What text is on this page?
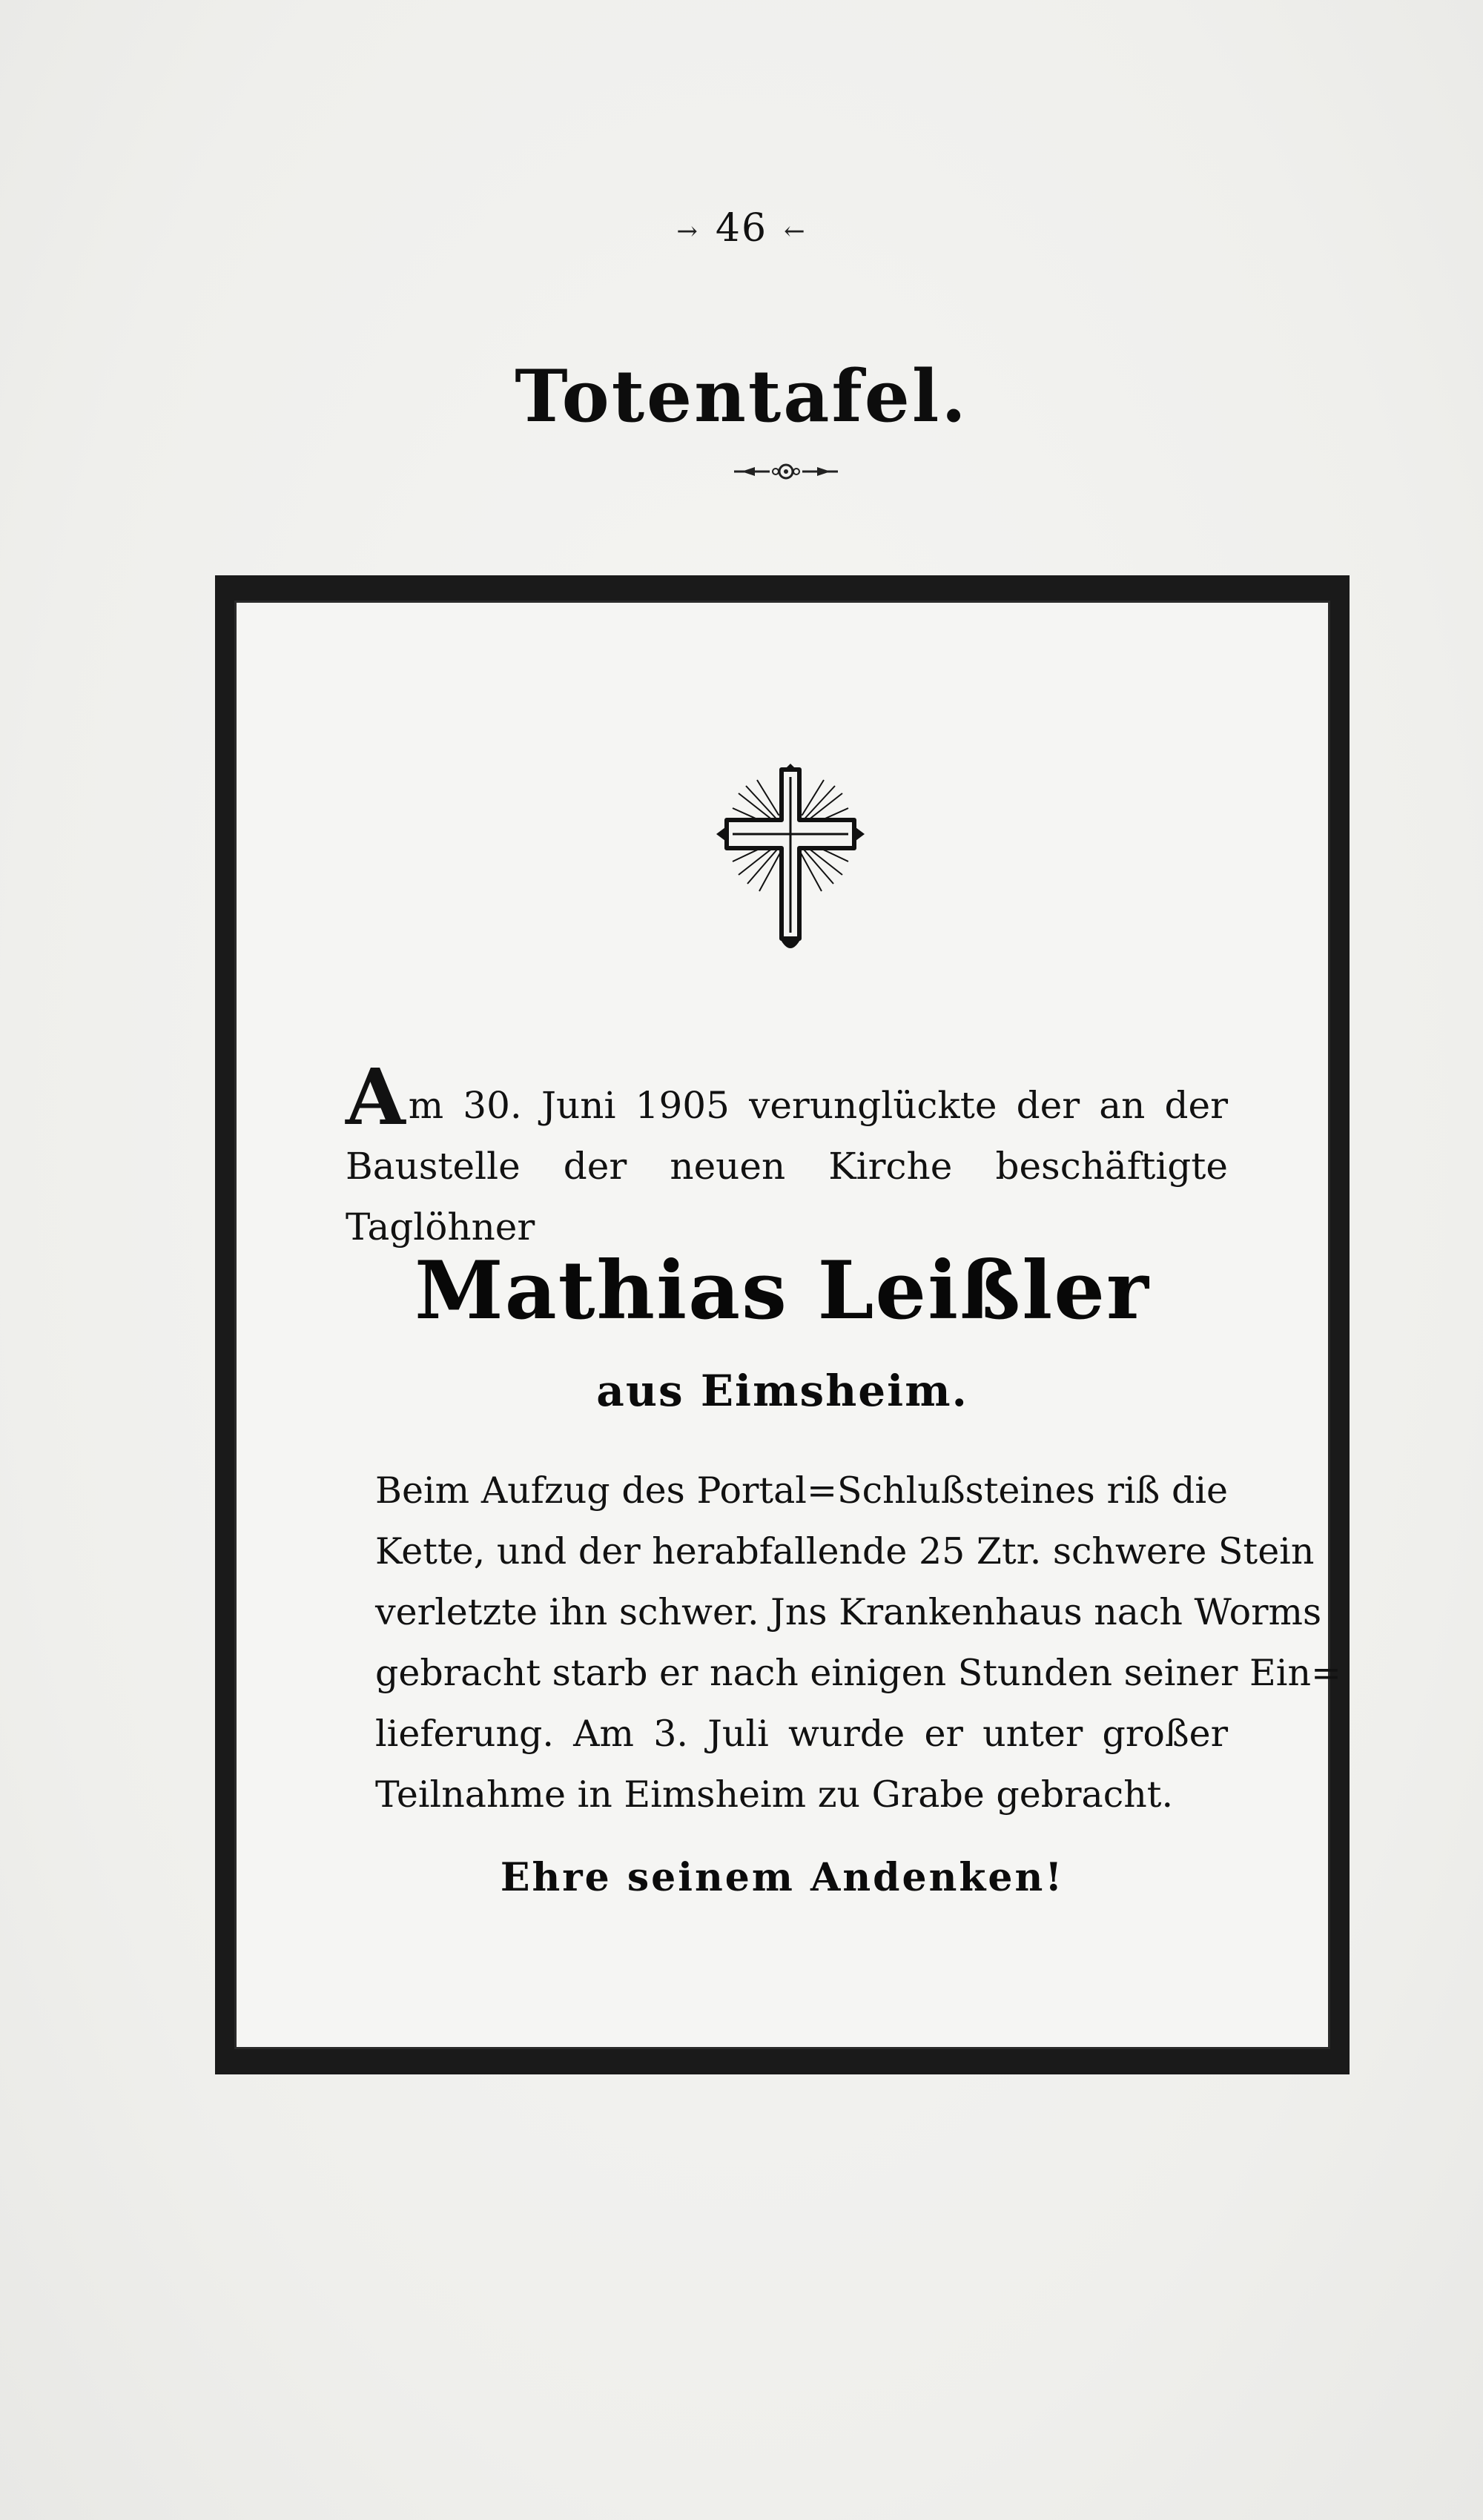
→ 46 ←
Totentafel.
Am 30. Juni 1905 verunglückte der an der
Baustelle der neuen Kirche beschäftigte Taglöhner
Mathias Leißler
aus Eimsheim.
Beim Aufzug des Portal=Schlußsteines riß die
Kette, und der herabfallende 25 Ztr. schwere Stein
verletzte ihn schwer. Jns Krankenhaus nach Worms
gebracht starb er nach einigen Stunden seiner Ein=
lieferung. Am 3. Juli wurde er unter großer
Teilnahme in Eimsheim zu Grabe gebracht.
Ehre seinem Andenken!
